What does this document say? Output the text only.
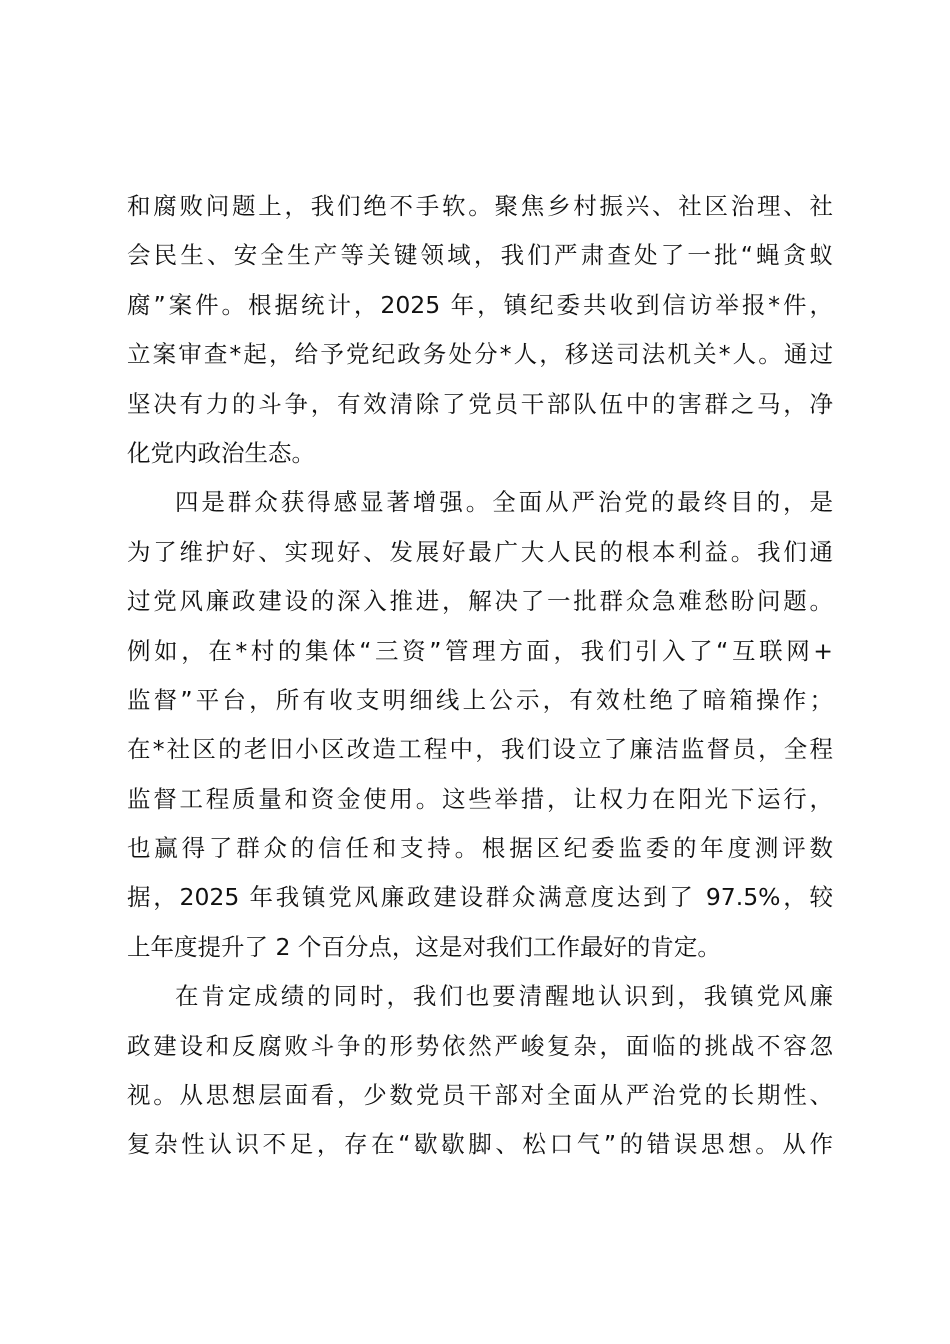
和腐败问题上，我们绝不手软。聚焦乡村振兴、社区治理、社
会民生、安全生产等关键领域，我们严肃查处了一批“蝇贪蚁
腐”案件。根据统计，2025 年，镇纪委共收到信访举报*件，
立案审查*起，给予党纪政务处分*人，移送司法机关*人。通过
坚决有力的斗争，有效清除了党员干部队伍中的害群之马，净
化党内政治生态。
四是群众获得感显著增强。全面从严治党的最终目的，是
为了维护好、实现好、发展好最广大人民的根本利益。我们通
过党风廉政建设的深入推进，解决了一批群众急难愁盼问题。
例如，在*村的集体“三资”管理方面，我们引入了“互联网+
监督”平台，所有收支明细线上公示，有效杜绝了暗箱操作；
在*社区的老旧小区改造工程中，我们设立了廉洁监督员，全程
监督工程质量和资金使用。这些举措，让权力在阳光下运行，
也赢得了群众的信任和支持。根据区纪委监委的年度测评数
据，2025 年我镇党风廉政建设群众满意度达到了 97.5%，较
上年度提升了 2 个百分点，这是对我们工作最好的肯定。
在肯定成绩的同时，我们也要清醒地认识到，我镇党风廉
政建设和反腐败斗争的形势依然严峻复杂，面临的挑战不容忽
视。从思想层面看，少数党员干部对全面从严治党的长期性、
复杂性认识不足，存在“歇歇脚、松口气”的错误思想。从作
